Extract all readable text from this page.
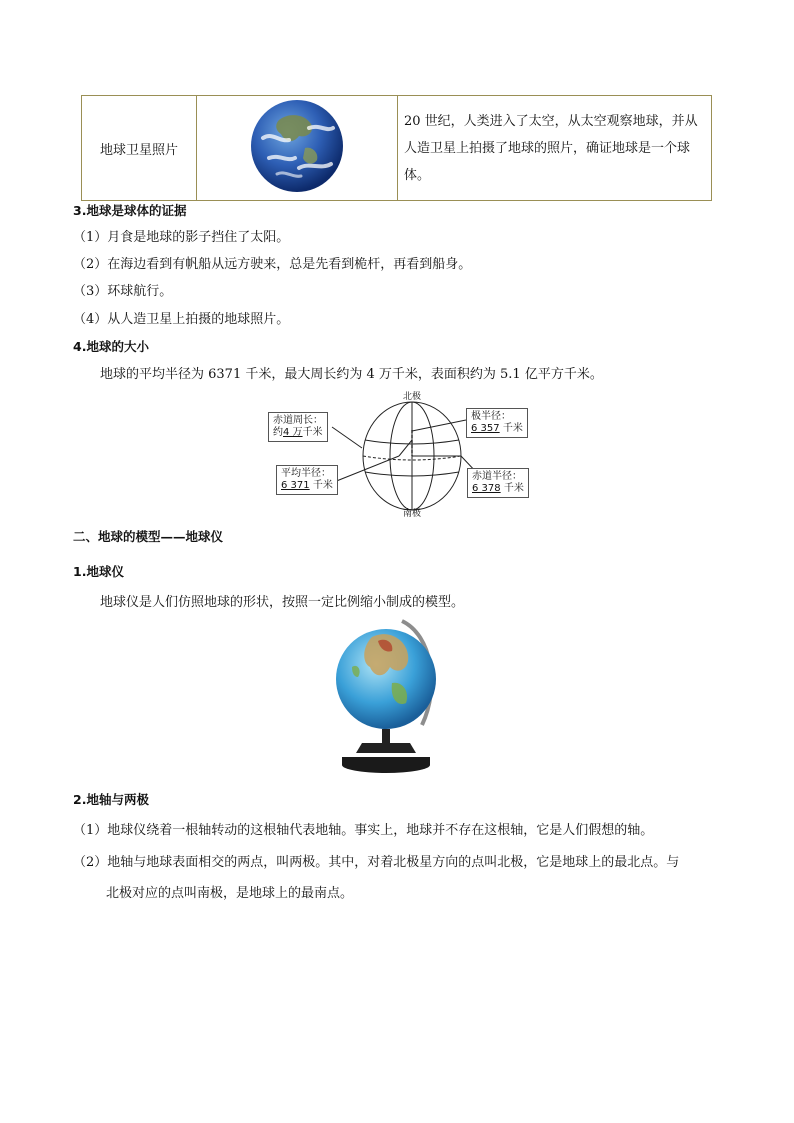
地球卫星照片		20 世纪，人类进入了太空，从太空观察地球，并从人造卫星上拍摄了地球的照片，确证地球是一个球体。
3.地球是球体的证据
（1）月食是地球的影子挡住了太阳。
（2）在海边看到有帆船从远方驶来，总是先看到桅杆，再看到船身。
（3）环球航行。
（4）从人造卫星上拍摄的地球照片。
4.地球的大小
地球的平均半径为 6371 千米，最大周长约为 4 万千米，表面积约为 5.1 亿平方千米。
北极
南极
赤道周长：
约4 万千米
平均半径：
6 371 千米
极半径：
6 357 千米
赤道半径：
6 378 千米
二、地球的模型——地球仪
1.地球仪
地球仪是人们仿照地球的形状，按照一定比例缩小制成的模型。
2.地轴与两极
（1）地球仪绕着一根轴转动的这根轴代表地轴。事实上，地球并不存在这根轴，它是人们假想的轴。
（2）地轴与地球表面相交的两点，叫两极。其中，对着北极星方向的点叫北极，它是地球上的最北点。与
北极对应的点叫南极，是地球上的最南点。
